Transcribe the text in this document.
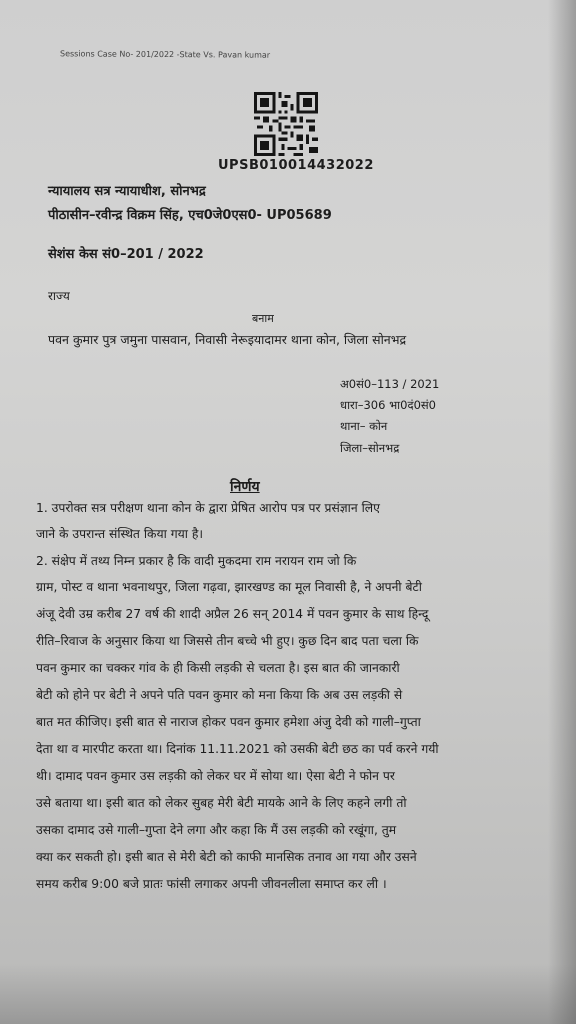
Sessions Case No- 201/2022 -State Vs. Pavan kumar
UPSB010014432022
न्यायालय सत्र न्यायाधीश, सोनभद्र
पीठासीन–रवीन्द्र विक्रम सिंह, एच0जे0एस0- UP05689
सेशंस केस सं0–201 / 2022
राज्य
बनाम
पवन कुमार पुत्र जमुना पासवान, निवासी नेरूइयादामर थाना कोन, जिला सोनभद्र
अ0सं0–113 / 2021
धारा–306 भा0दं0सं0
थाना– कोन
जिला–सोनभद्र
निर्णय
1. उपरोक्त सत्र परीक्षण थाना कोन के द्वारा प्रेषित आरोप पत्र पर प्रसंज्ञान लिए
जाने के उपरान्त संस्थित किया गया है।
2. संक्षेप में तथ्य निम्न प्रकार है कि वादी मुकदमा राम नरायन राम जो कि
ग्राम, पोस्ट व थाना भवनाथपुर, जिला गढ़वा, झारखण्ड का मूल निवासी है, ने अपनी बेटी
अंजू देवी उम्र करीब 27 वर्ष की शादी अप्रैल 26 सन् 2014 में पवन कुमार के साथ हिन्दू
रीति–रिवाज के अनुसार किया था जिससे तीन बच्चे भी हुए। कुछ दिन बाद पता चला कि
पवन कुमार का चक्कर गांव के ही किसी लड़की से चलता है। इस बात की जानकारी
बेटी को होने पर बेटी ने अपने पति पवन कुमार को मना किया कि अब उस लड़की से
बात मत कीजिए। इसी बात से नाराज होकर पवन कुमार हमेशा अंजु देवी को गाली–गुप्ता
देता था व मारपीट करता था। दिनांक 11.11.2021 को उसकी बेटी छठ का पर्व करने गयी
थी। दामाद पवन कुमार उस लड़की को लेकर घर में सोया था। ऐसा बेटी ने फोन पर
उसे बताया था। इसी बात को लेकर सुबह मेरी बेटी मायके आने के लिए कहने लगी तो
उसका दामाद उसे गाली–गुप्ता देने लगा और कहा कि मैं उस लड़की को रखूंगा, तुम
क्या कर सकती हो। इसी बात से मेरी बेटी को काफी मानसिक तनाव आ गया और उसने
समय करीब 9:00 बजे प्रातः फांसी लगाकर अपनी जीवनलीला समाप्त कर ली ।
